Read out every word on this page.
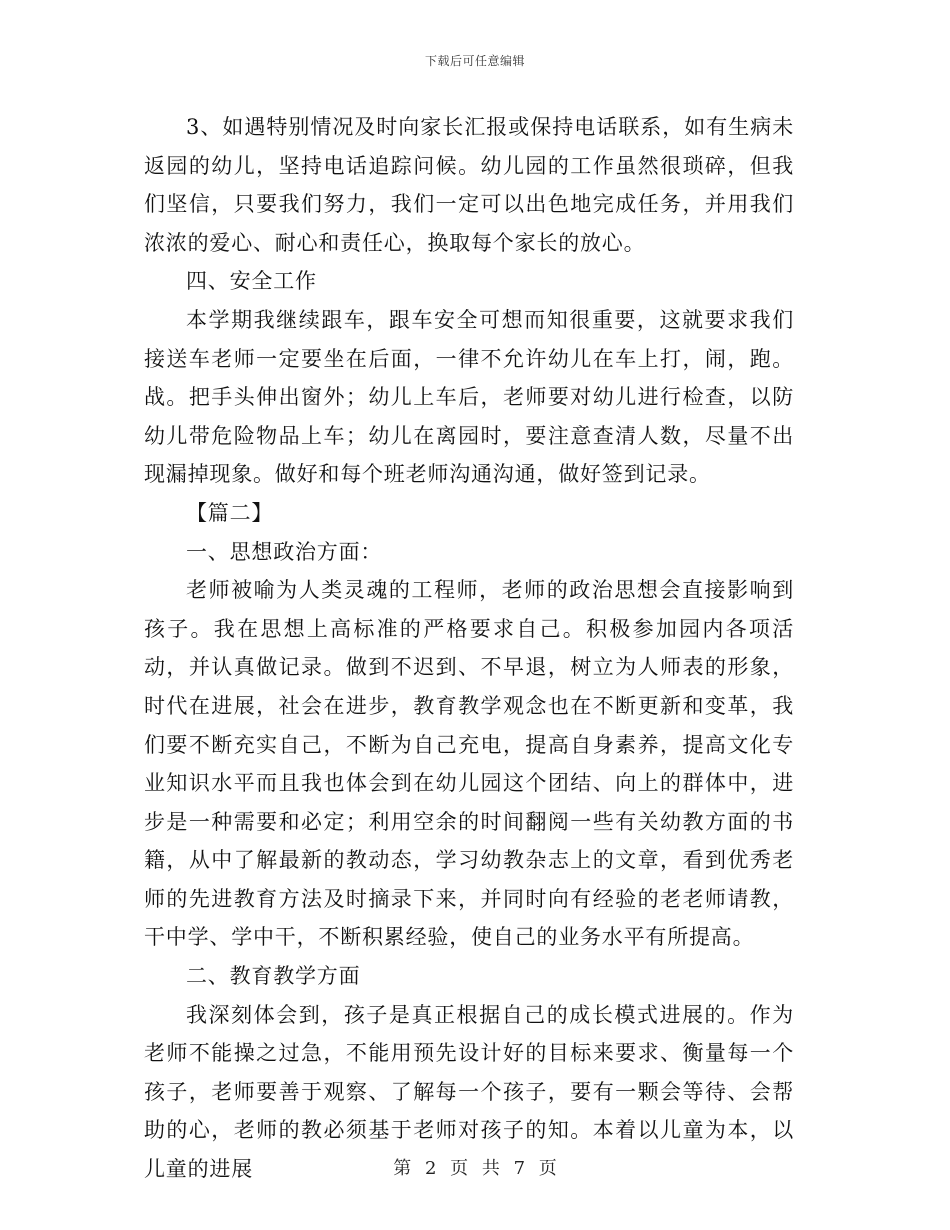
下载后可任意编辑

3、如遇特别情况及时向家长汇报或保持电话联系，如有生病未返园的幼儿，坚持电话追踪问候。幼儿园的工作虽然很琐碎，但我们坚信，只要我们努力，我们一定可以出色地完成任务，并用我们浓浓的爱心、耐心和责任心，换取每个家长的放心。

四、安全工作

本学期我继续跟车，跟车安全可想而知很重要，这就要求我们接送车老师一定要坐在后面，一律不允许幼儿在车上打，闹，跑。战。把手头伸出窗外；幼儿上车后，老师要对幼儿进行检查，以防幼儿带危险物品上车；幼儿在离园时，要注意查清人数，尽量不出现漏掉现象。做好和每个班老师沟通沟通，做好签到记录。

【篇二】

一、思想政治方面：

老师被喻为人类灵魂的工程师，老师的政治思想会直接影响到孩子。我在思想上高标准的严格要求自己。积极参加园内各项活动，并认真做记录。做到不迟到、不早退，树立为人师表的形象，时代在进展，社会在进步，教育教学观念也在不断更新和变革，我们要不断充实自己，不断为自己充电，提高自身素养，提高文化专业知识水平而且我也体会到在幼儿园这个团结、向上的群体中，进步是一种需要和必定；利用空余的时间翻阅一些有关幼教方面的书籍，从中了解最新的教动态，学习幼教杂志上的文章，看到优秀老师的先进教育方法及时摘录下来，并同时向有经验的老老师请教，干中学、学中干，不断积累经验，使自己的业务水平有所提高。

二、教育教学方面

我深刻体会到，孩子是真正根据自己的成长模式进展的。作为老师不能操之过急，不能用预先设计好的目标来要求、衡量每一个孩子，老师要善于观察、了解每一个孩子，要有一颗会等待、会帮助的心，老师的教必须基于老师对孩子的知。本着以儿童为本，以儿童的进展	第 2 页 共 7 页
